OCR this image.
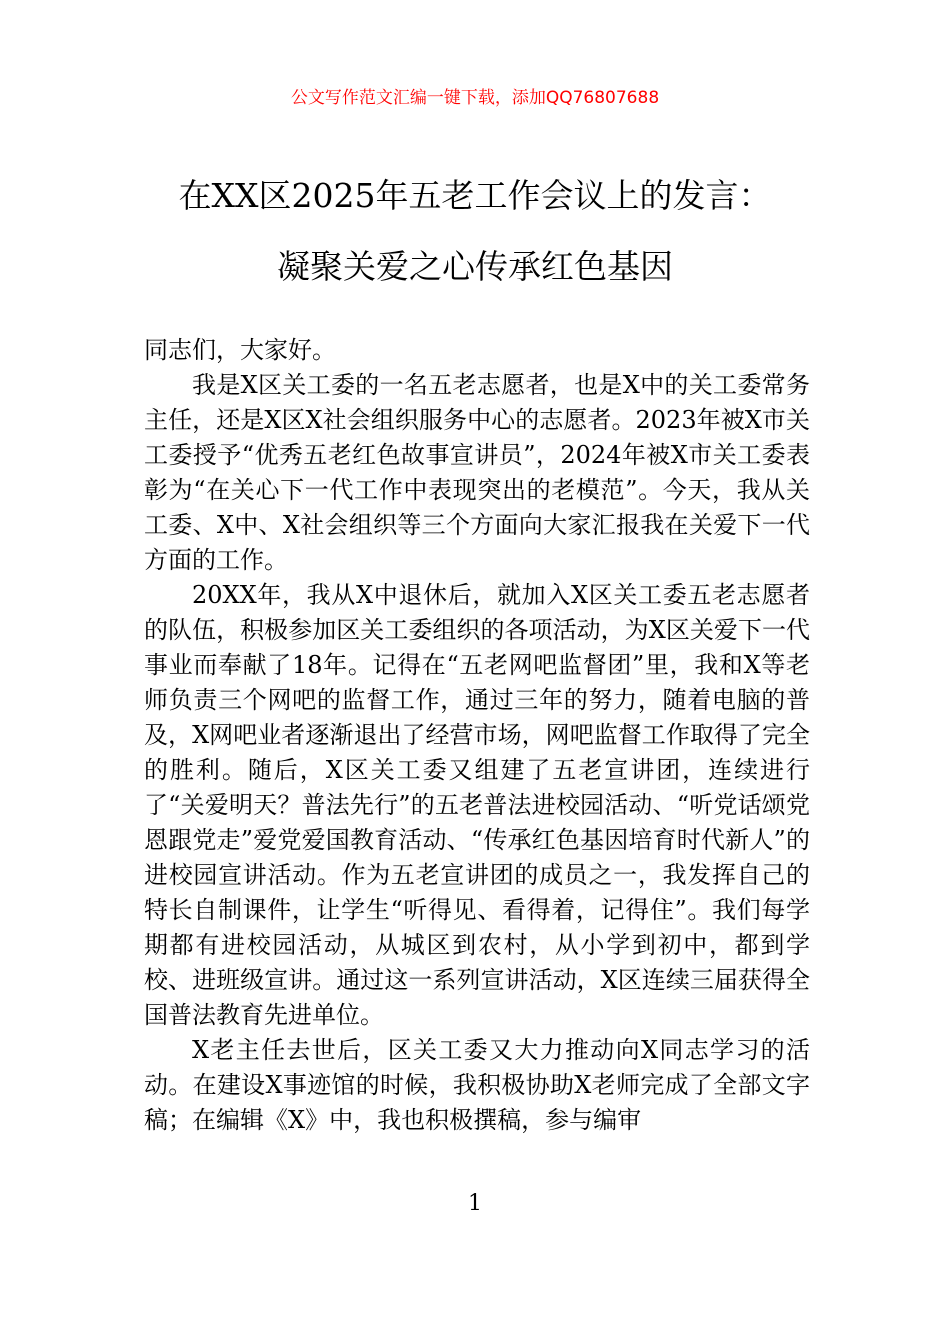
公文写作范文汇编一键下载，添加QQ76807688
在XX区2025年五老工作会议上的发言：
凝聚关爱之心传承红色基因

同志们，大家好。

我是X区关工委的一名五老志愿者，也是X中的关工委常务主任，还是X区X社会组织服务中心的志愿者。2023年被X市关工委授予“优秀五老红色故事宣讲员”，2024年被X市关工委表彰为“在关心下一代工作中表现突出的老模范”。今天，我从关工委、X中、X社会组织等三个方面向大家汇报我在关爱下一代方面的工作。

20XX年，我从X中退休后，就加入X区关工委五老志愿者的队伍，积极参加区关工委组织的各项活动，为X区关爱下一代事业而奉献了18年。记得在“五老网吧监督团”里，我和X等老师负责三个网吧的监督工作，通过三年的努力，随着电脑的普及，X网吧业者逐渐退出了经营市场，网吧监督工作取得了完全的胜利。随后，X区关工委又组建了五老宣讲团，连续进行了“关爱明天？普法先行”的五老普法进校园活动、“听党话颂党恩跟党走”爱党爱国教育活动、“传承红色基因培育时代新人”的进校园宣讲活动。作为五老宣讲团的成员之一，我发挥自己的特长自制课件，让学生“听得见、看得着，记得住”。我们每学期都有进校园活动，从城区到农村，从小学到初中，都到学校、进班级宣讲。通过这一系列宣讲活动，X区连续三届获得全国普法教育先进单位。

X老主任去世后，区关工委又大力推动向X同志学习的活动。在建设X事迹馆的时候，我积极协助X老师完成了全部文字稿；在编辑《X》中，我也积极撰稿，参与编审

1
